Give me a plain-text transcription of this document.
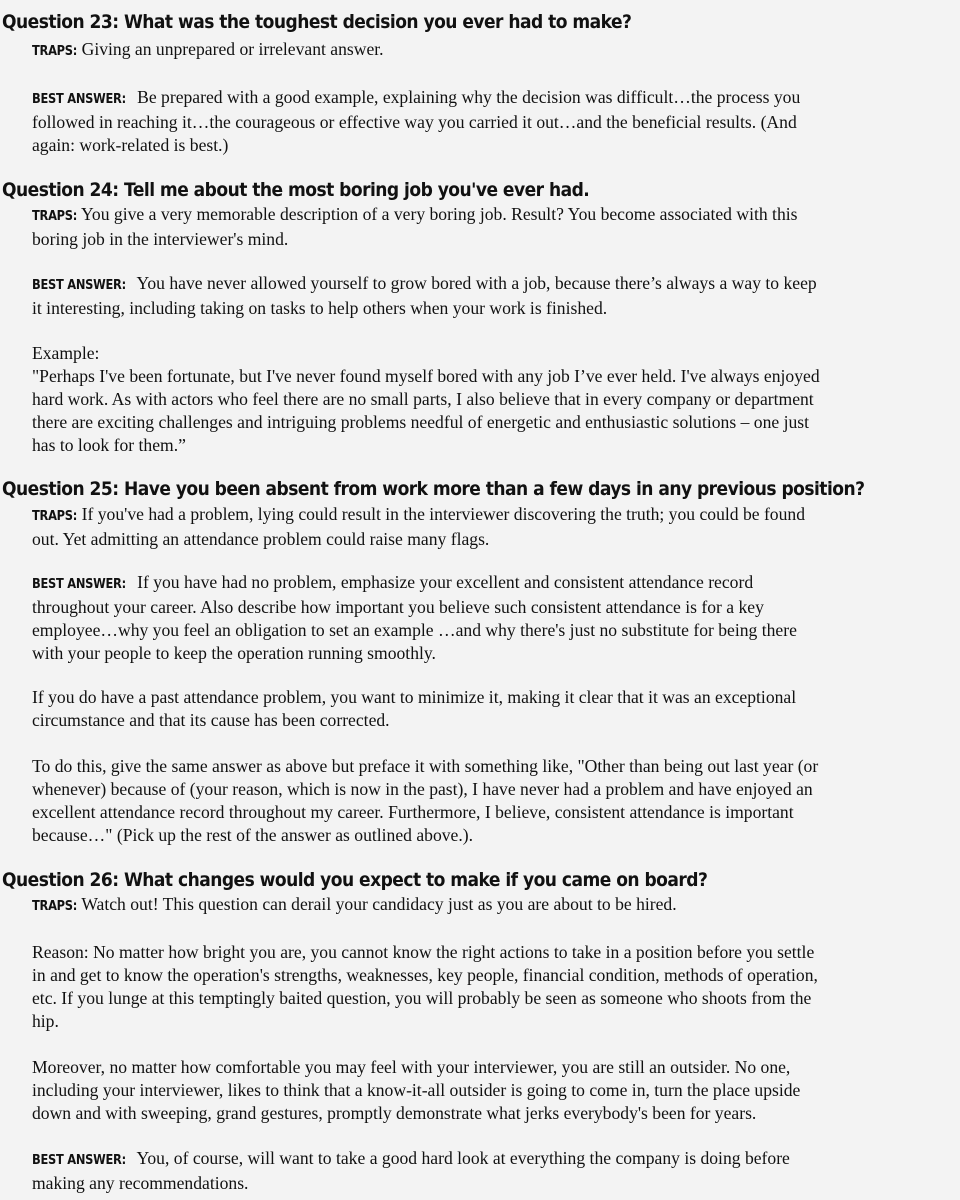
Question 23: What was the toughest decision you ever had to make?
TRAPS: Giving an unprepared or irrelevant answer.
BEST ANSWER: Be prepared with a good example, explaining why the decision was difficult…the process you
followed in reaching it…the courageous or effective way you carried it out…and the beneficial results. (And
again: work-related is best.)
Question 24: Tell me about the most boring job you've ever had.
TRAPS: You give a very memorable description of a very boring job. Result? You become associated with this
boring job in the interviewer's mind.
BEST ANSWER: You have never allowed yourself to grow bored with a job, because there’s always a way to keep
it interesting, including taking on tasks to help others when your work is finished.
Example:
"Perhaps I've been fortunate, but I've never found myself bored with any job I’ve ever held. I've always enjoyed
hard work. As with actors who feel there are no small parts, I also believe that in every company or department
there are exciting challenges and intriguing problems needful of energetic and enthusiastic solutions – one just
has to look for them.”
Question 25: Have you been absent from work more than a few days in any previous position?
TRAPS: If you've had a problem, lying could result in the interviewer discovering the truth; you could be found
out. Yet admitting an attendance problem could raise many flags.
BEST ANSWER: If you have had no problem, emphasize your excellent and consistent attendance record
throughout your career. Also describe how important you believe such consistent attendance is for a key
employee…why you feel an obligation to set an example …and why there's just no substitute for being there
with your people to keep the operation running smoothly.
If you do have a past attendance problem, you want to minimize it, making it clear that it was an exceptional
circumstance and that its cause has been corrected.
To do this, give the same answer as above but preface it with something like, "Other than being out last year (or
whenever) because of (your reason, which is now in the past), I have never had a problem and have enjoyed an
excellent attendance record throughout my career. Furthermore, I believe, consistent attendance is important
because…" (Pick up the rest of the answer as outlined above.).
Question 26: What changes would you expect to make if you came on board?
TRAPS: Watch out! This question can derail your candidacy just as you are about to be hired.
Reason: No matter how bright you are, you cannot know the right actions to take in a position before you settle
in and get to know the operation's strengths, weaknesses, key people, financial condition, methods of operation,
etc. If you lunge at this temptingly baited question, you will probably be seen as someone who shoots from the
hip.
Moreover, no matter how comfortable you may feel with your interviewer, you are still an outsider. No one,
including your interviewer, likes to think that a know-it-all outsider is going to come in, turn the place upside
down and with sweeping, grand gestures, promptly demonstrate what jerks everybody's been for years.
BEST ANSWER: You, of course, will want to take a good hard look at everything the company is doing before
making any recommendations.
